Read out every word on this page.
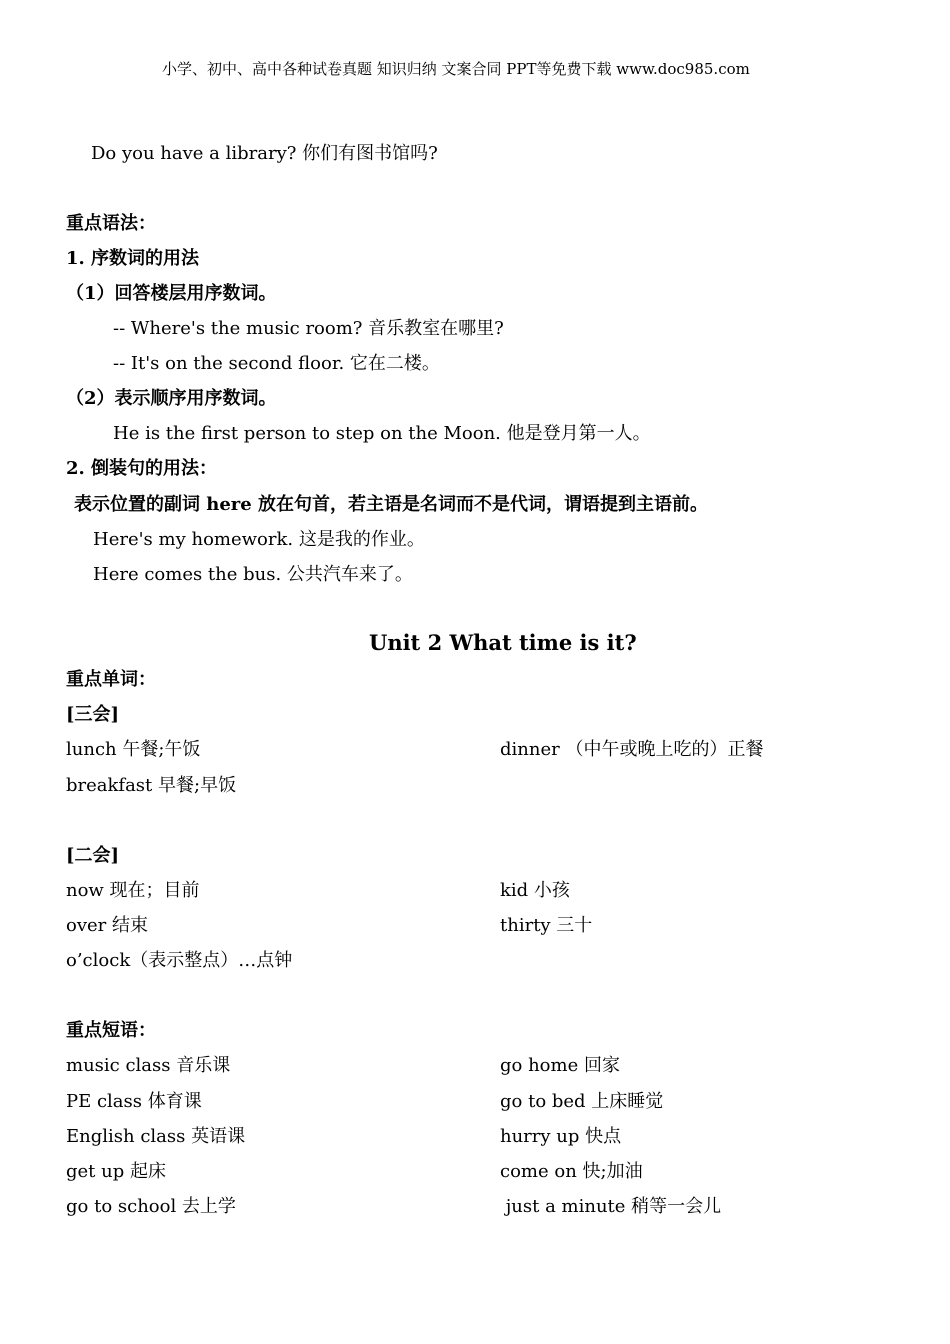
小学、初中、高中各种试卷真题 知识归纳 文案合同 PPT等免费下载 www.doc985.com
Do you have a library? 你们有图书馆吗?
重点语法：
1. 序数词的用法
（1）回答楼层用序数词。
-- Where's the music room? 音乐教室在哪里?
-- It's on the second floor. 它在二楼。
（2）表示顺序用序数词。
He is the first person to step on the Moon. 他是登月第一人。
2. 倒装句的用法：
表示位置的副词 here 放在句首，若主语是名词而不是代词，谓语提到主语前。
Here's my homework. 这是我的作业。
Here comes the bus. 公共汽车来了。
Unit 2 What time is it?
重点单词：
[三会]
lunch 午餐;午饭	dinner （中午或晚上吃的）正餐
breakfast 早餐;早饭
[二会]
now 现在；目前	kid 小孩
over 结束	thirty 三十
o’clock（表示整点）…点钟
重点短语：
music class 音乐课	go home 回家
PE class 体育课	go to bed 上床睡觉
English class 英语课	hurry up 快点
get up 起床	come on 快;加油
go to school 去上学	just a minute 稍等一会儿
